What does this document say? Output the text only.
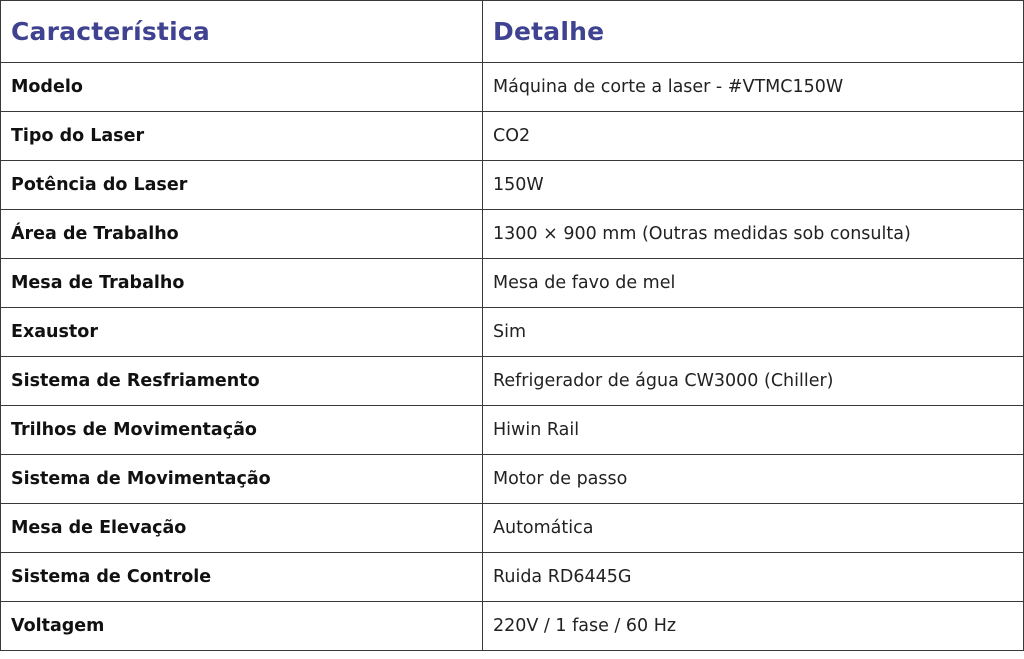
Característica	Detalhe
Modelo	Máquina de corte a laser - #VTMC150W
Tipo do Laser	CO2
Potência do Laser	150W
Área de Trabalho	1300 × 900 mm (Outras medidas sob consulta)
Mesa de Trabalho	Mesa de favo de mel
Exaustor	Sim
Sistema de Resfriamento	Refrigerador de água CW3000 (Chiller)
Trilhos de Movimentação	Hiwin Rail
Sistema de Movimentação	Motor de passo
Mesa de Elevação	Automática
Sistema de Controle	Ruida RD6445G
Voltagem	220V / 1 fase / 60 Hz
